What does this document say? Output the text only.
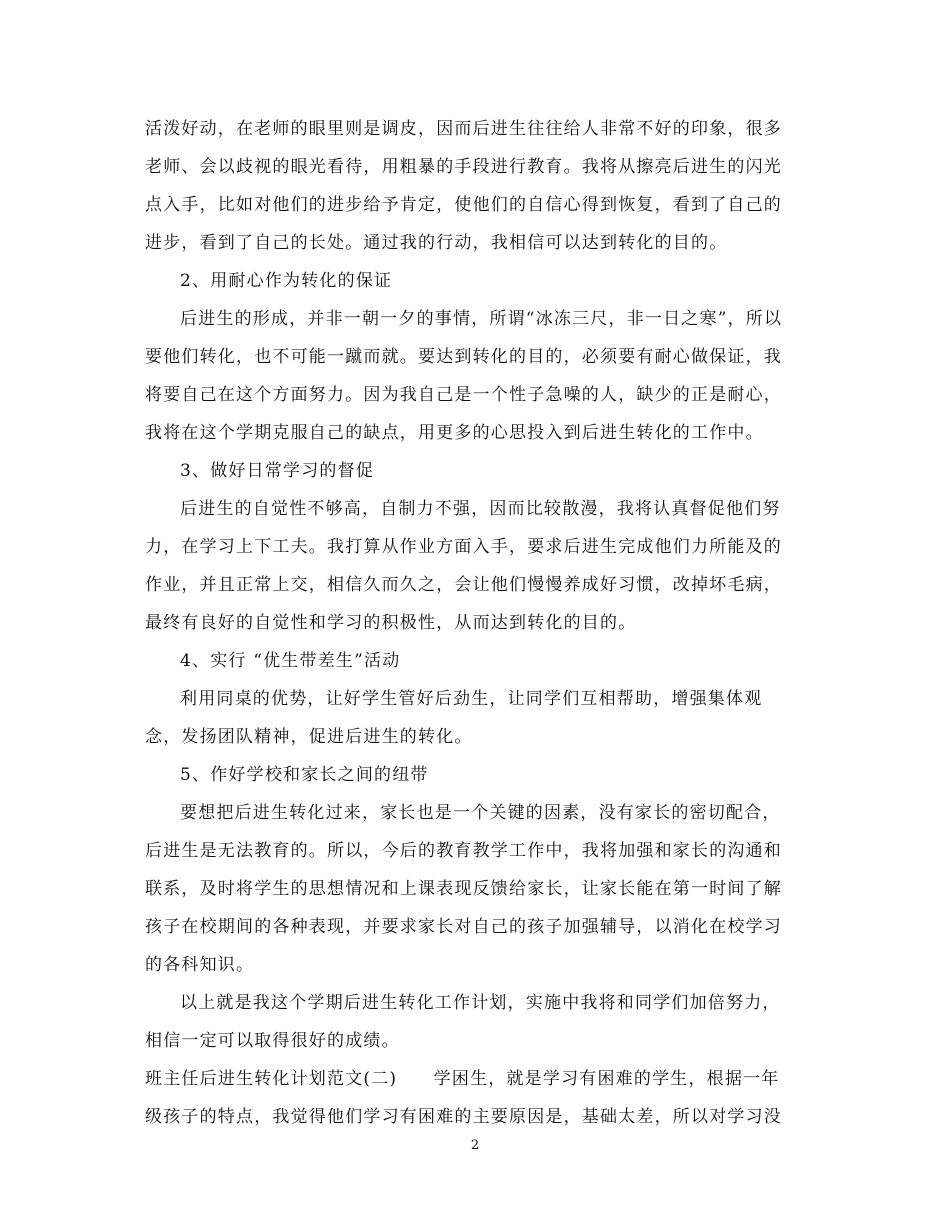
活泼好动，在老师的眼里则是调皮，因而后进生往往给人非常不好的印象，很多
老师、会以歧视的眼光看待，用粗暴的手段进行教育。我将从擦亮后进生的闪光
点入手，比如对他们的进步给予肯定，使他们的自信心得到恢复，看到了自己的
进步，看到了自己的长处。通过我的行动，我相信可以达到转化的目的。
2、用耐心作为转化的保证
后进生的形成，并非一朝一夕的事情，所谓“冰冻三尺，非一日之寒”，所以
要他们转化，也不可能一蹴而就。要达到转化的目的，必须要有耐心做保证，我
将要自己在这个方面努力。因为我自己是一个性子急噪的人，缺少的正是耐心，
我将在这个学期克服自己的缺点，用更多的心思投入到后进生转化的工作中。
3、做好日常学习的督促
后进生的自觉性不够高，自制力不强，因而比较散漫，我将认真督促他们努
力，在学习上下工夫。我打算从作业方面入手，要求后进生完成他们力所能及的
作业，并且正常上交，相信久而久之，会让他们慢慢养成好习惯，改掉坏毛病，
最终有良好的自觉性和学习的积极性，从而达到转化的目的。
4、实行 “优生带差生”活动
利用同桌的优势，让好学生管好后劲生，让同学们互相帮助，增强集体观
念，发扬团队精神，促进后进生的转化。
5、作好学校和家长之间的纽带
要想把后进生转化过来，家长也是一个关键的因素，没有家长的密切配合，
后进生是无法教育的。所以，今后的教育教学工作中，我将加强和家长的沟通和
联系，及时将学生的思想情况和上课表现反馈给家长，让家长能在第一时间了解
孩子在校期间的各种表现，并要求家长对自己的孩子加强辅导，以消化在校学习
的各科知识。
以上就是我这个学期后进生转化工作计划，实施中我将和同学们加倍努力，
相信一定可以取得很好的成绩。
班主任后进生转化计划范文(二)　　学困生，就是学习有困难的学生，根据一年
级孩子的特点，我觉得他们学习有困难的主要原因是，基础太差，所以对学习没
2
